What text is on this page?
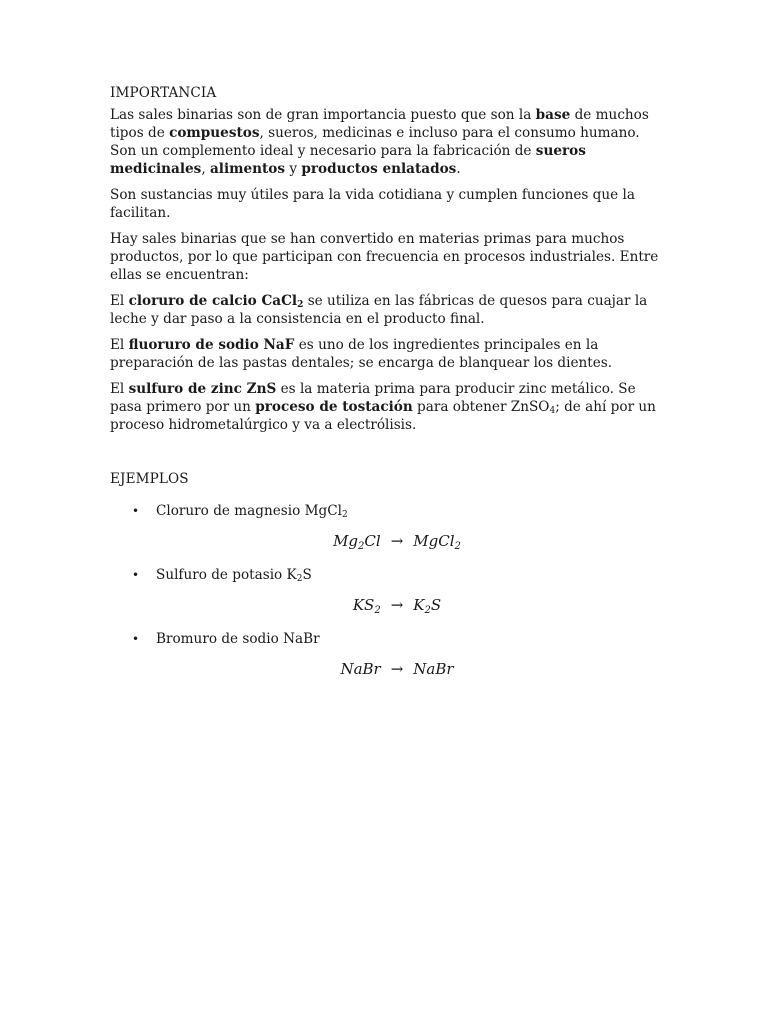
IMPORTANCIA

Las sales binarias son de gran importancia puesto que son la base de muchos tipos de compuestos, sueros, medicinas e incluso para el consumo humano. Son un complemento ideal y necesario para la fabricación de sueros medicinales, alimentos y productos enlatados.

Son sustancias muy útiles para la vida cotidiana y cumplen funciones que la facilitan.

Hay sales binarias que se han convertido en materias primas para muchos productos, por lo que participan con frecuencia en procesos industriales. Entre ellas se encuentran:

El cloruro de calcio CaCl$_2$ se utiliza en las fábricas de quesos para cuajar la leche y dar paso a la consistencia en el producto final.

El fluoruro de sodio NaF es uno de los ingredientes principales en la preparación de las pastas dentales; se encarga de blanquear los dientes.

El sulfuro de zinc ZnS es la materia prima para producir zinc metálico. Se pasa primero por un proceso de tostación para obtener ZnSO$_4$; de ahí por un proceso hidrometalúrgico y va a electrólisis.

EJEMPLOS

• Cloruro de magnesio MgCl$_2$
$Mg_2Cl$ → MgCl$_2$
• Sulfuro de potasio $K_2S$
$KS_2 \to K_2S$
• Bromuro de sodio NaBr
NaBr → NaBr
